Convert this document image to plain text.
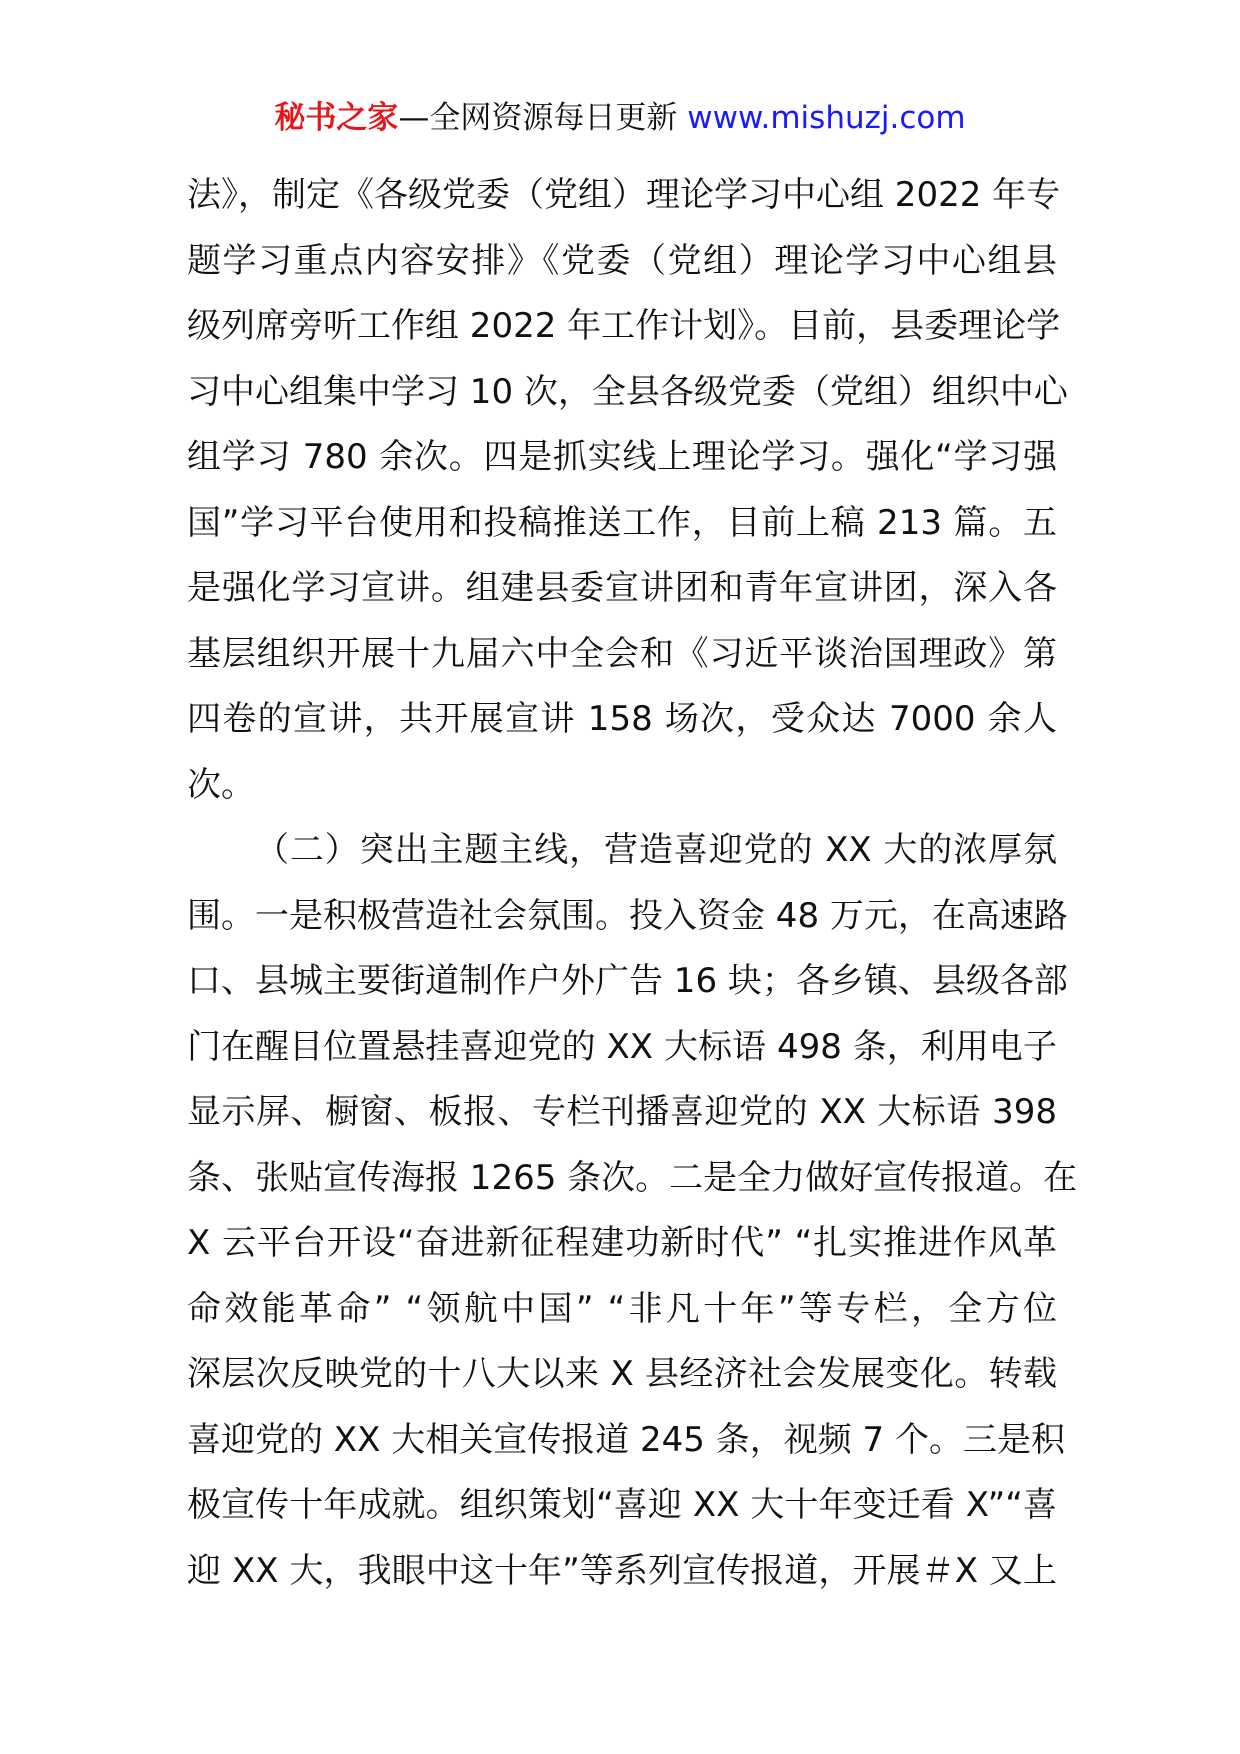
秘书之家—全网资源每日更新 www.mishuzj.com
法》，制定《各级党委（党组）理论学习中心组 2022 年专
题学习重点内容安排》《党委（党组）理论学习中心组县
级列席旁听工作组 2022 年工作计划》。目前，县委理论学
习中心组集中学习 10 次，全县各级党委（党组）组织中心
组学习 780 余次。四是抓实线上理论学习。强化“学习强
国”学习平台使用和投稿推送工作，目前上稿 213 篇。五
是强化学习宣讲。组建县委宣讲团和青年宣讲团，深入各
基层组织开展十九届六中全会和《习近平谈治国理政》第
四卷的宣讲，共开展宣讲 158 场次，受众达 7000 余人
次。
（二）突出主题主线，营造喜迎党的 XX 大的浓厚氛
围。一是积极营造社会氛围。投入资金 48 万元，在高速路
口、县城主要街道制作户外广告 16 块；各乡镇、县级各部
门在醒目位置悬挂喜迎党的 XX 大标语 498 条，利用电子
显示屏、橱窗、板报、专栏刊播喜迎党的 XX 大标语 398
条、张贴宣传海报 1265 条次。二是全力做好宣传报道。在
X 云平台开设“奋进新征程建功新时代” “扎实推进作风革
命效能革命” “领航中国” “非凡十年”等专栏，全方位
深层次反映党的十八大以来 X 县经济社会发展变化。转载
喜迎党的 XX 大相关宣传报道 245 条，视频 7 个。三是积
极宣传十年成就。组织策划“喜迎 XX 大十年变迁看 X”“喜
迎 XX 大，我眼中这十年”等系列宣传报道，开展＃X 又上
